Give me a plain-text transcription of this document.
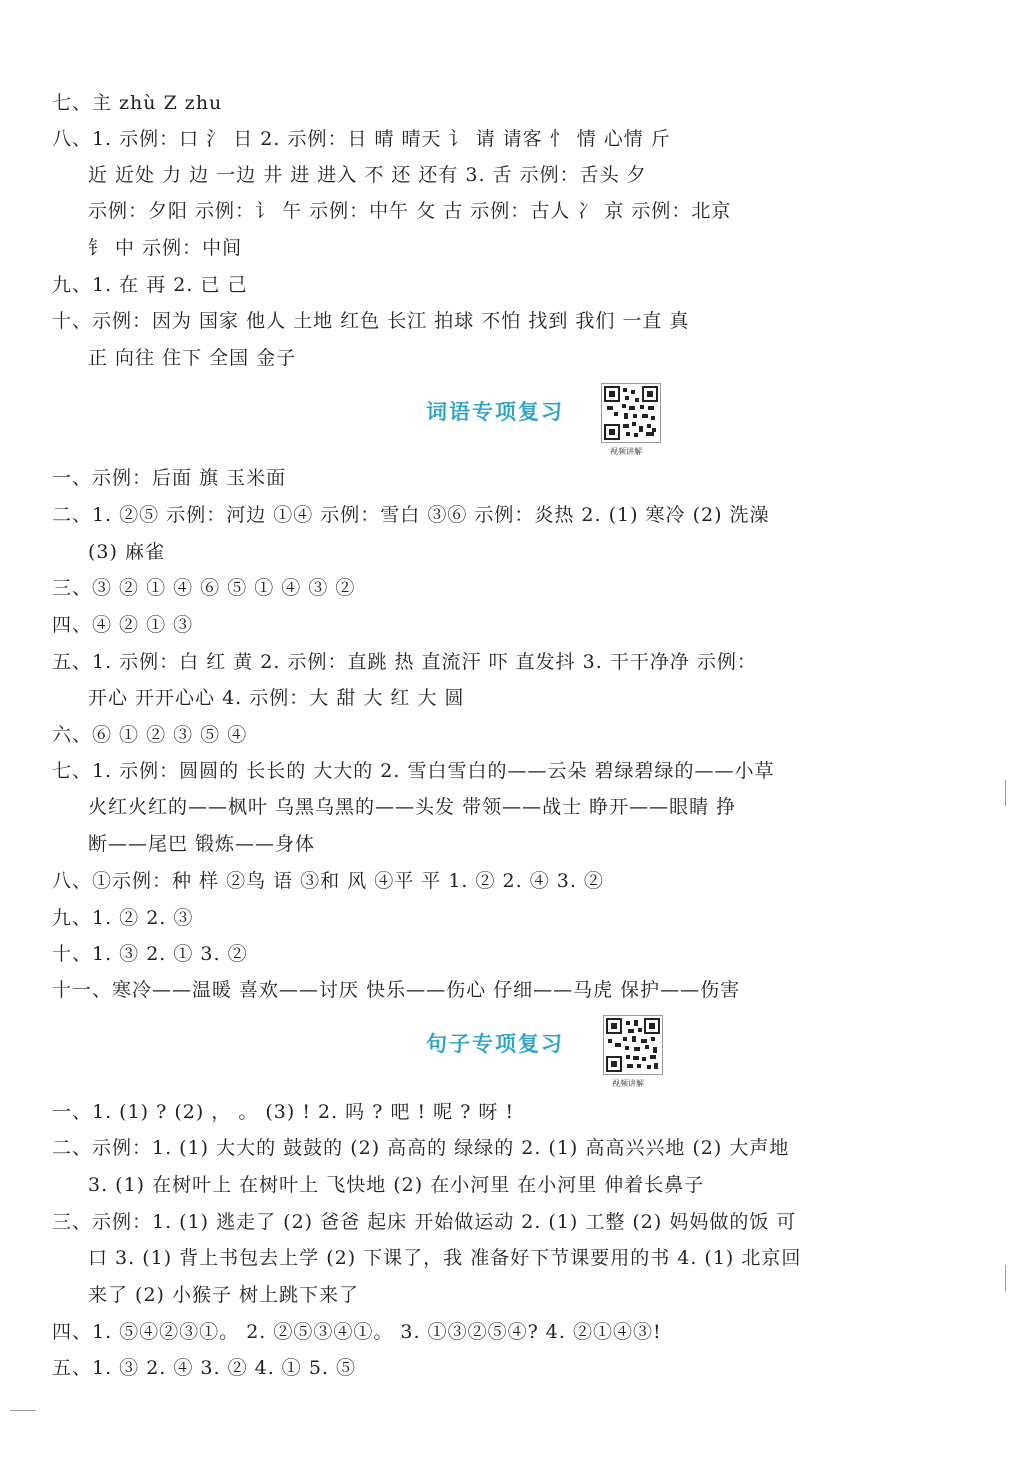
七、主 zhù Z zhu
八、1. 示例：口 氵 日 2. 示例：日 晴 晴天 讠 请 请客 忄 情 心情 斤
近 近处 力 边 一边 井 进 进入 不 还 还有 3. 舌 示例：舌头 夕
示例：夕阳 示例：讠 午 示例：中午 攵 古 示例：古人 冫 京 示例：北京
钅 中 示例：中间
九、1. 在 再 2. 已 己
十、示例：因为 国家 他人 土地 红色 长江 拍球 不怕 找到 我们 一直 真
正 向往 住下 全国 金子
词语专项复习
视频讲解
一、示例：后面 旗 玉米面
二、1. ②⑤ 示例：河边 ①④ 示例：雪白 ③⑥ 示例：炎热 2. (1) 寒冷 (2) 洗澡
(3) 麻雀
三、③ ② ① ④ ⑥ ⑤ ① ④ ③ ②
四、④ ② ① ③
五、1. 示例：白 红 黄 2. 示例：直跳 热 直流汗 吓 直发抖 3. 干干净净 示例：
开心 开开心心 4. 示例：大 甜 大 红 大 圆
六、⑥ ① ② ③ ⑤ ④
七、1. 示例：圆圆的 长长的 大大的 2. 雪白雪白的——云朵 碧绿碧绿的——小草
火红火红的——枫叶 乌黑乌黑的——头发 带领——战士 睁开——眼睛 挣
断——尾巴 锻炼——身体
八、①示例：种 样 ②鸟 语 ③和 风 ④平 平 1. ② 2. ④ 3. ②
九、1. ② 2. ③
十、1. ③ 2. ① 3. ②
十一、寒冷——温暖 喜欢——讨厌 快乐——伤心 仔细——马虎 保护——伤害
句子专项复习
视频讲解
一、1. (1) ? (2) ， 。 (3) ! 2. 吗 ? 吧 ! 呢 ? 呀 !
二、示例：1. (1) 大大的 鼓鼓的 (2) 高高的 绿绿的 2. (1) 高高兴兴地 (2) 大声地
3. (1) 在树叶上 在树叶上 飞快地 (2) 在小河里 在小河里 伸着长鼻子
三、示例：1. (1) 逃走了 (2) 爸爸 起床 开始做运动 2. (1) 工整 (2) 妈妈做的饭 可
口 3. (1) 背上书包去上学 (2) 下课了，我 准备好下节课要用的书 4. (1) 北京回
来了 (2) 小猴子 树上跳下来了
四、1. ⑤④②③①。 2. ②⑤③④①。 3. ①③②⑤④? 4. ②①④③!
五、1. ③ 2. ④ 3. ② 4. ① 5. ⑤
